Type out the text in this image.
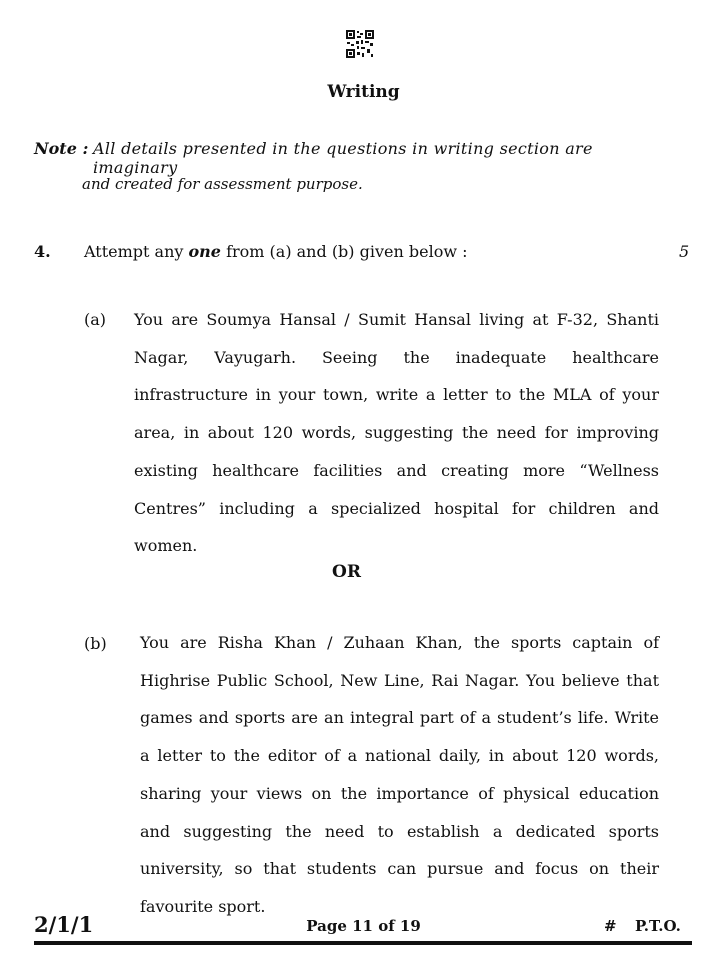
Writing
Note : All details presented in the questions in writing section are imaginary
and created for assessment purpose.
4. Attempt any one from (a) and (b) given below :	5
(a) You are Soumya Hansal / Sumit Hansal living at F-32, Shanti Nagar, Vayugarh. Seeing the inadequate healthcare infrastructure in your town, write a letter to the MLA of your area, in about 120 words, suggesting the need for improving existing healthcare facilities and creating more “Wellness Centres” including a specialized hospital for children and women.
OR
(b) You are Risha Khan / Zuhaan Khan, the sports captain of Highrise Public School, New Line, Rai Nagar. You believe that games and sports are an integral part of a student’s life. Write a letter to the editor of a national daily, in about 120 words, sharing your views on the importance of physical education and suggesting the need to establish a dedicated sports university, so that students can pursue and focus on their favourite sport.
2/1/1	Page 11 of 19	# P.T.O.
